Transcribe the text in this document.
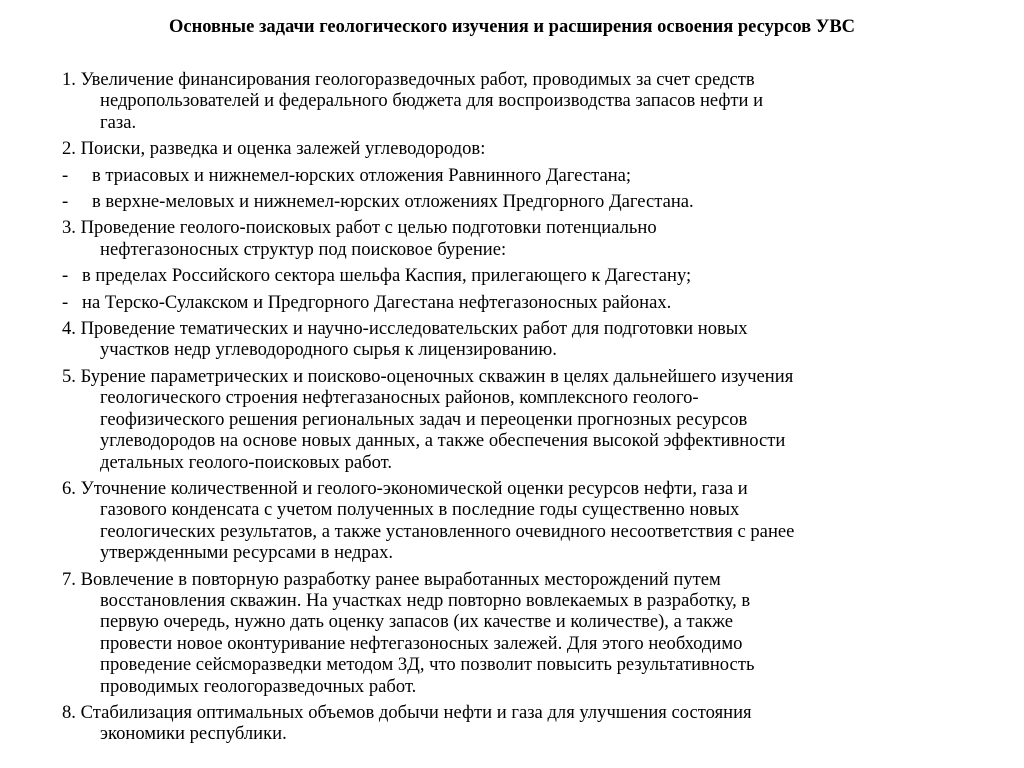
Основные задачи геологического изучения и расширения освоения ресурсов УВС
1. Увеличение финансирования геологоразведочных работ, проводимых за счет средств
недропользователей и федерального бюджета для воспроизводства запасов нефти и
газа.
2. Поиски, разведка и оценка залежей углеводородов:
- в триасовых и нижнемел-юрских отложения Равнинного Дагестана;
- в верхне-меловых и нижнемел-юрских отложениях Предгорного Дагестана.
3. Проведение геолого-поисковых работ с целью подготовки потенциально
нефтегазоносных структур под поисковое бурение:
- в пределах Российского сектора шельфа Каспия, прилегающего к Дагестану;
- на Терско-Сулакском и Предгорного Дагестана нефтегазоносных районах.
4. Проведение тематических и научно-исследовательских работ для подготовки новых
участков недр углеводородного сырья к лицензированию.
5. Бурение параметрических и поисково-оценочных скважин в целях дальнейшего изучения
геологического строения нефтегазаносных районов, комплексного геолого-
геофизического решения региональных задач и переоценки прогнозных ресурсов
углеводородов на основе новых данных, а также обеспечения высокой эффективности
детальных геолого-поисковых работ.
6. Уточнение количественной и геолого-экономической оценки ресурсов нефти, газа и
газового конденсата с учетом полученных в последние годы существенно новых
геологических результатов, а также установленного очевидного несоответствия с ранее
утвержденными ресурсами в недрах.
7. Вовлечение в повторную разработку ранее выработанных месторождений путем
восстановления скважин. На участках недр повторно вовлекаемых в разработку, в
первую очередь, нужно дать оценку запасов (их качестве и количестве), а также
провести новое оконтуривание нефтегазоносных залежей. Для этого необходимо
проведение сейсморазведки методом 3Д, что позволит повысить результативность
проводимых геологоразведочных работ.
8. Стабилизация оптимальных объемов добычи нефти и газа для улучшения состояния
экономики республики.
